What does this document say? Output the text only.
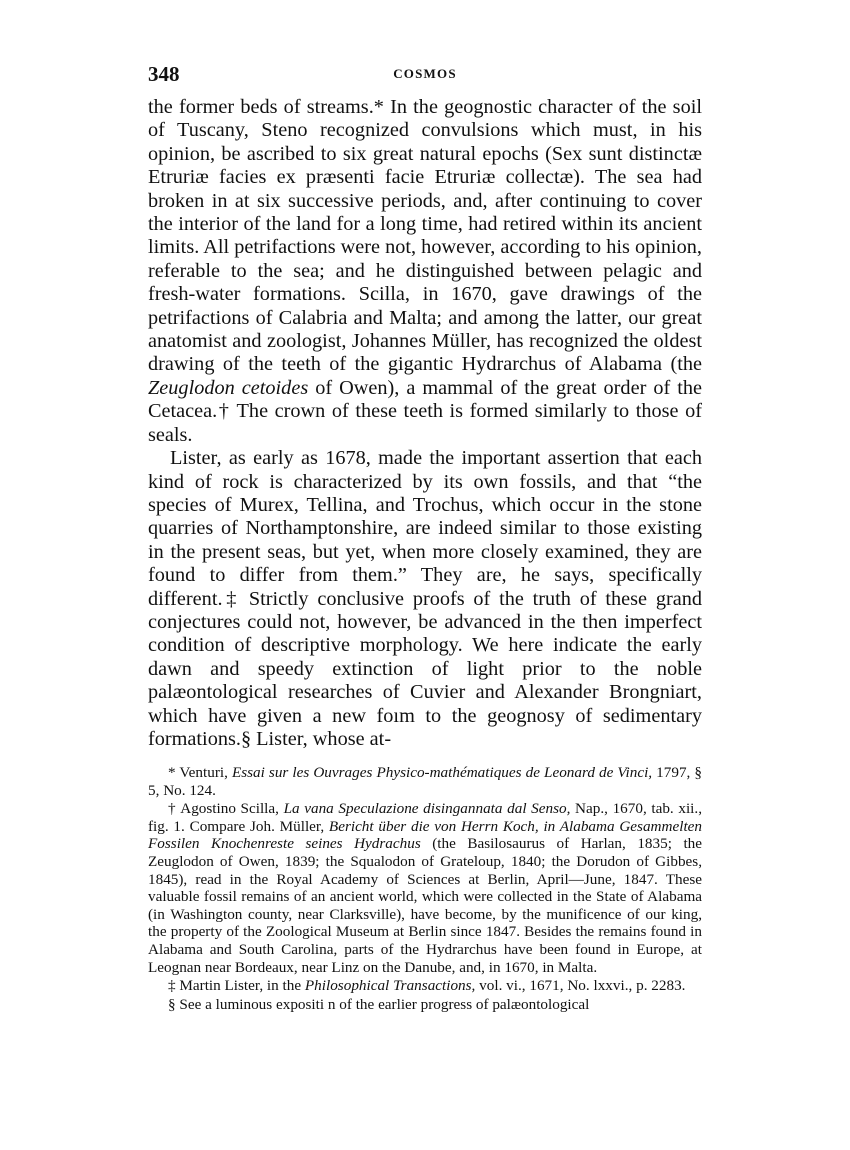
348	COSMOS

the former beds of streams.* In the geognostic character of the soil of Tuscany, Steno recognized convulsions which must, in his opinion, be ascribed to six great natural epochs (Sex sunt distinctæ Etruriæ facies ex præsenti facie Etruriæ collectæ). The sea had broken in at six successive periods, and, after continuing to cover the interior of the land for a long time, had retired within its ancient limits. All petrifactions were not, however, according to his opinion, referable to the sea; and he distinguished between pelagic and fresh-water formations. Scilla, in 1670, gave drawings of the petrifactions of Calabria and Malta; and among the latter, our great anatomist and zoologist, Johannes Müller, has recognized the oldest drawing of the teeth of the gigantic Hydrarchus of Alabama (the Zeuglodon cetoides of Owen), a mammal of the great order of the Cetacea.† The crown of these teeth is formed similarly to those of seals.

Lister, as early as 1678, made the important assertion that each kind of rock is characterized by its own fossils, and that “the species of Murex, Tellina, and Trochus, which occur in the stone quarries of Northamptonshire, are indeed similar to those existing in the present seas, but yet, when more closely examined, they are found to differ from them.” They are, he says, specifically different.‡ Strictly conclusive proofs of the truth of these grand conjectures could not, however, be advanced in the then imperfect condition of descriptive morphology. We here indicate the early dawn and speedy extinction of light prior to the noble palæontological researches of Cuvier and Alexander Brongniart, which have given a new foım to the geognosy of sedimentary formations.§ Lister, whose at-

* Venturi, Essai sur les Ouvrages Physico-mathématiques de Leonard de Vinci, 1797, § 5, No. 124.

† Agostino Scilla, La vana Speculazione disingannata dal Senso, Nap., 1670, tab. xii., fig. 1. Compare Joh. Müller, Bericht über die von Herrn Koch, in Alabama Gesammelten Fossilen Knochenreste seines Hydrachus (the Basilosaurus of Harlan, 1835; the Zeuglodon of Owen, 1839; the Squalodon of Grateloup, 1840; the Dorudon of Gibbes, 1845), read in the Royal Academy of Sciences at Berlin, April—June, 1847. These valuable fossil remains of an ancient world, which were collected in the State of Alabama (in Washington county, near Clarksville), have become, by the munificence of our king, the property of the Zoological Museum at Berlin since 1847. Besides the remains found in Alabama and South Carolina, parts of the Hydrarchus have been found in Europe, at Leognan near Bordeaux, near Linz on the Danube, and, in 1670, in Malta.

‡ Martin Lister, in the Philosophical Transactions, vol. vi., 1671, No. lxxvi., p. 2283.

§ See a luminous expositi n of the earlier progress of palæontological
